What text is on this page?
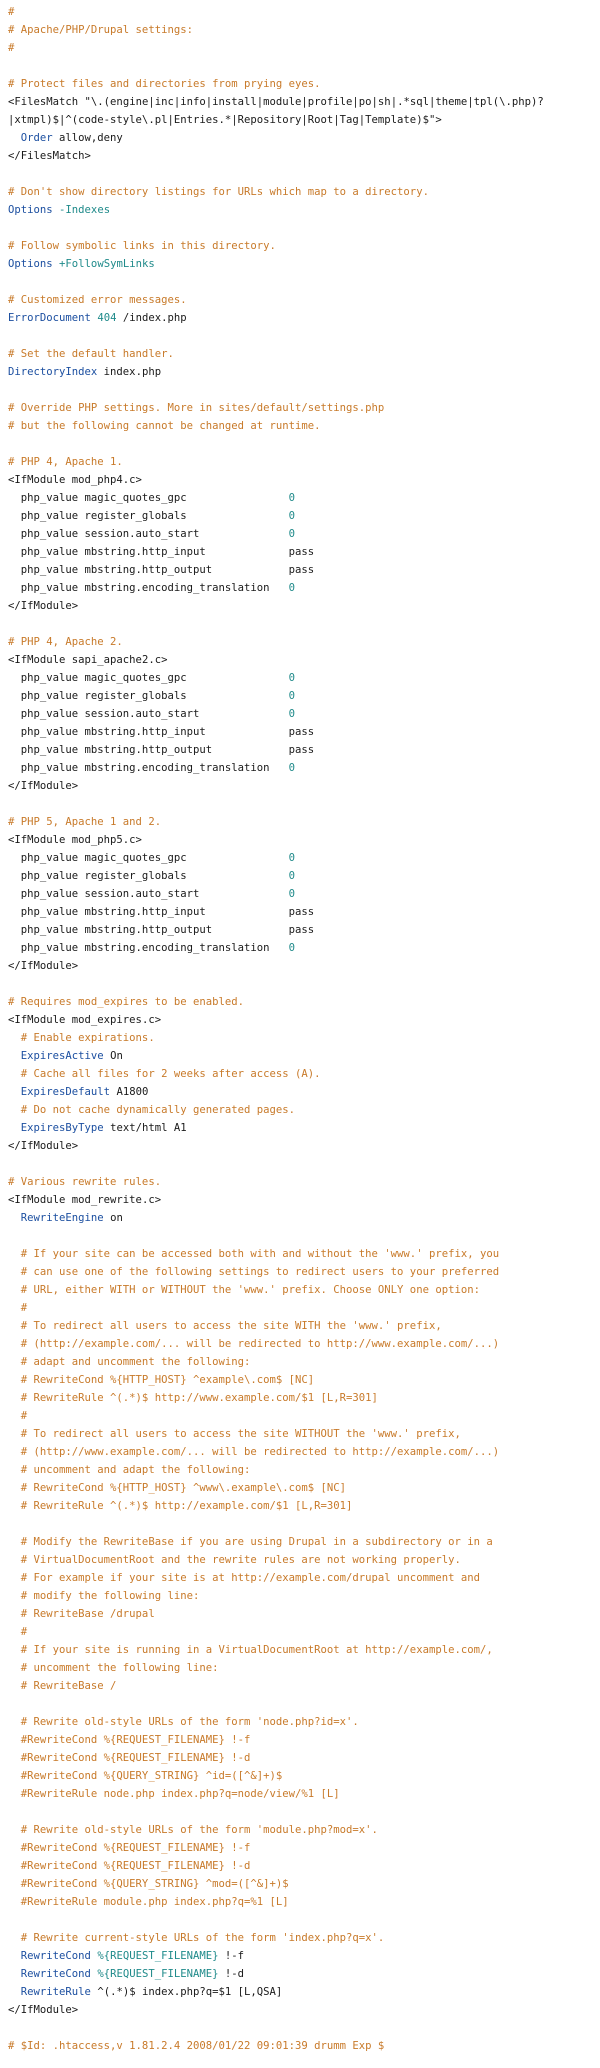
#
# Apache/PHP/Drupal settings:
#

# Protect files and directories from prying eyes.
<FilesMatch "\.(engine|inc|info|install|module|profile|po|sh|.*sql|theme|tpl(\.php)?
|xtmpl)$|^(code-style\.pl|Entries.*|Repository|Root|Tag|Template)$">
Order allow,deny
</FilesMatch>

# Don't show directory listings for URLs which map to a directory.
Options -Indexes

# Follow symbolic links in this directory.
Options +FollowSymLinks

# Customized error messages.
ErrorDocument 404 /index.php

# Set the default handler.
DirectoryIndex index.php

# Override PHP settings. More in sites/default/settings.php
# but the following cannot be changed at runtime.

# PHP 4, Apache 1.
<IfModule mod_php4.c>
php_value magic_quotes_gpc                0
php_value register_globals                0
php_value session.auto_start              0
php_value mbstring.http_input             pass
php_value mbstring.http_output            pass
php_value mbstring.encoding_translation   0
</IfModule>

# PHP 4, Apache 2.
<IfModule sapi_apache2.c>
php_value magic_quotes_gpc                0
php_value register_globals                0
php_value session.auto_start              0
php_value mbstring.http_input             pass
php_value mbstring.http_output            pass
php_value mbstring.encoding_translation   0
</IfModule>

# PHP 5, Apache 1 and 2.
<IfModule mod_php5.c>
php_value magic_quotes_gpc                0
php_value register_globals                0
php_value session.auto_start              0
php_value mbstring.http_input             pass
php_value mbstring.http_output            pass
php_value mbstring.encoding_translation   0
</IfModule>

# Requires mod_expires to be enabled.
<IfModule mod_expires.c>
# Enable expirations.
ExpiresActive On
# Cache all files for 2 weeks after access (A).
ExpiresDefault A1800
# Do not cache dynamically generated pages.
ExpiresByType text/html A1
</IfModule>

# Various rewrite rules.
<IfModule mod_rewrite.c>
RewriteEngine on

# If your site can be accessed both with and without the 'www.' prefix, you
# can use one of the following settings to redirect users to your preferred
# URL, either WITH or WITHOUT the 'www.' prefix. Choose ONLY one option:
#
# To redirect all users to access the site WITH the 'www.' prefix,
# (http://example.com/... will be redirected to http://www.example.com/...)
# adapt and uncomment the following:
# RewriteCond %{HTTP_HOST} ^example\.com$ [NC]
# RewriteRule ^(.*)$ http://www.example.com/$1 [L,R=301]
#
# To redirect all users to access the site WITHOUT the 'www.' prefix,
# (http://www.example.com/... will be redirected to http://example.com/...)
# uncomment and adapt the following:
# RewriteCond %{HTTP_HOST} ^www\.example\.com$ [NC]
# RewriteRule ^(.*)$ http://example.com/$1 [L,R=301]

# Modify the RewriteBase if you are using Drupal in a subdirectory or in a
# VirtualDocumentRoot and the rewrite rules are not working properly.
# For example if your site is at http://example.com/drupal uncomment and
# modify the following line:
# RewriteBase /drupal
#
# If your site is running in a VirtualDocumentRoot at http://example.com/,
# uncomment the following line:
# RewriteBase /

# Rewrite old-style URLs of the form 'node.php?id=x'.
#RewriteCond %{REQUEST_FILENAME} !-f
#RewriteCond %{REQUEST_FILENAME} !-d
#RewriteCond %{QUERY_STRING} ^id=([^&]+)$
#RewriteRule node.php index.php?q=node/view/%1 [L]

# Rewrite old-style URLs of the form 'module.php?mod=x'.
#RewriteCond %{REQUEST_FILENAME} !-f
#RewriteCond %{REQUEST_FILENAME} !-d
#RewriteCond %{QUERY_STRING} ^mod=([^&]+)$
#RewriteRule module.php index.php?q=%1 [L]

# Rewrite current-style URLs of the form 'index.php?q=x'.
RewriteCond %{REQUEST_FILENAME} !-f
RewriteCond %{REQUEST_FILENAME} !-d
RewriteRule ^(.*)$ index.php?q=$1 [L,QSA]
</IfModule>

# $Id: .htaccess,v 1.81.2.4 2008/01/22 09:01:39 drumm Exp $
